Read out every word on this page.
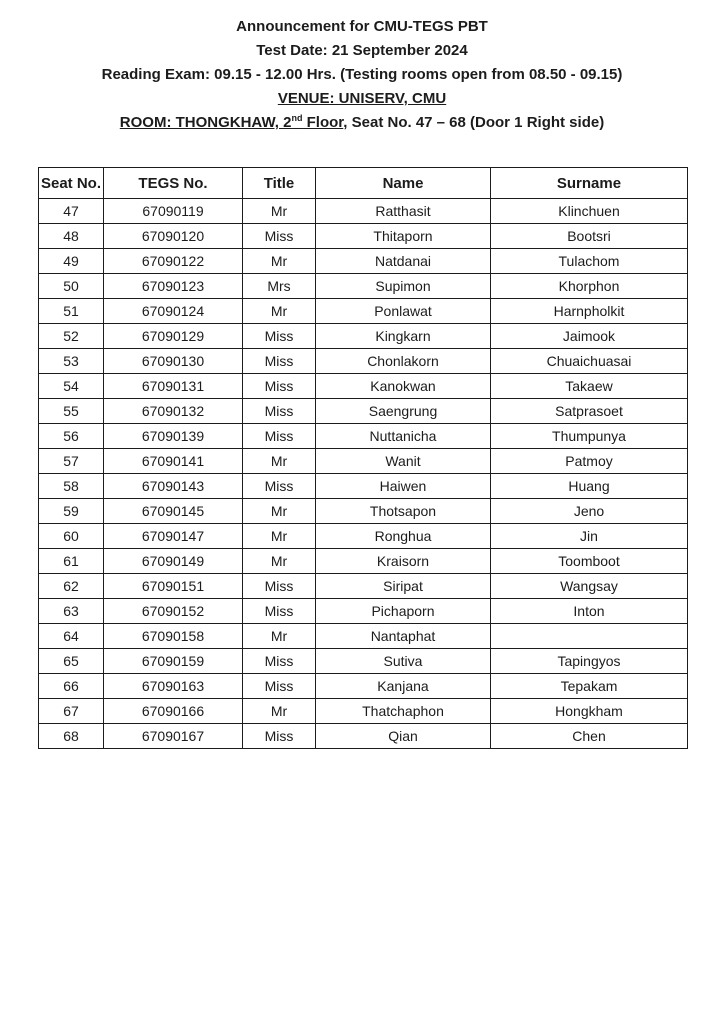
Announcement for CMU-TEGS PBT

Test Date: 21 September 2024

Reading Exam: 09.15 - 12.00 Hrs. (Testing rooms open from 08.50 - 09.15)

VENUE: UNISERV, CMU

ROOM: THONGKHAW, 2nd Floor, Seat No. 47 – 68 (Door 1 Right side)

Seat No.	TEGS No.	Title	Name	Surname
47	67090119	Mr	Ratthasit	Klinchuen
48	67090120	Miss	Thitaporn	Bootsri
49	67090122	Mr	Natdanai	Tulachom
50	67090123	Mrs	Supimon	Khorphon
51	67090124	Mr	Ponlawat	Harnpholkit
52	67090129	Miss	Kingkarn	Jaimook
53	67090130	Miss	Chonlakorn	Chuaichuasai
54	67090131	Miss	Kanokwan	Takaew
55	67090132	Miss	Saengrung	Satprasoet
56	67090139	Miss	Nuttanicha	Thumpunya
57	67090141	Mr	Wanit	Patmoy
58	67090143	Miss	Haiwen	Huang
59	67090145	Mr	Thotsapon	Jeno
60	67090147	Mr	Ronghua	Jin
61	67090149	Mr	Kraisorn	Toomboot
62	67090151	Miss	Siripat	Wangsay
63	67090152	Miss	Pichaporn	Inton
64	67090158	Mr	Nantaphat	
65	67090159	Miss	Sutiva	Tapingyos
66	67090163	Miss	Kanjana	Tepakam
67	67090166	Mr	Thatchaphon	Hongkham
68	67090167	Miss	Qian	Chen
